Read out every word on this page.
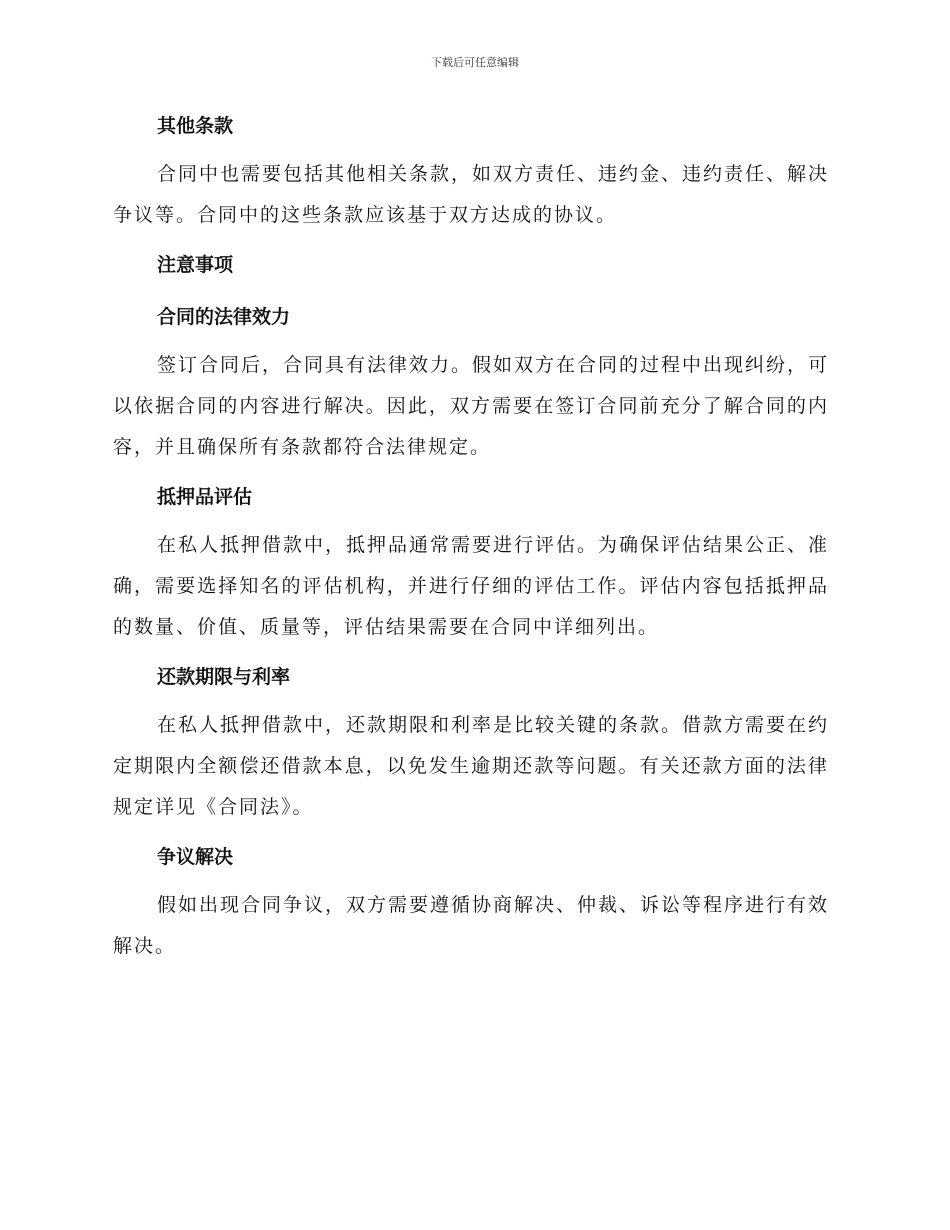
下载后可任意编辑
其他条款

合同中也需要包括其他相关条款，如双方责任、违约金、违约责任、解决争议等。合同中的这些条款应该基于双方达成的协议。

注意事项
合同的法律效力

签订合同后，合同具有法律效力。假如双方在合同的过程中出现纠纷，可以依据合同的内容进行解决。因此，双方需要在签订合同前充分了解合同的内容，并且确保所有条款都符合法律规定。

抵押品评估

在私人抵押借款中，抵押品通常需要进行评估。为确保评估结果公正、准确，需要选择知名的评估机构，并进行仔细的评估工作。评估内容包括抵押品的数量、价值、质量等，评估结果需要在合同中详细列出。

还款期限与利率

在私人抵押借款中，还款期限和利率是比较关键的条款。借款方需要在约定期限内全额偿还借款本息，以免发生逾期还款等问题。有关还款方面的法律规定详见《合同法》。

争议解决

假如出现合同争议，双方需要遵循协商解决、仲裁、诉讼等程序进行有效解决。
